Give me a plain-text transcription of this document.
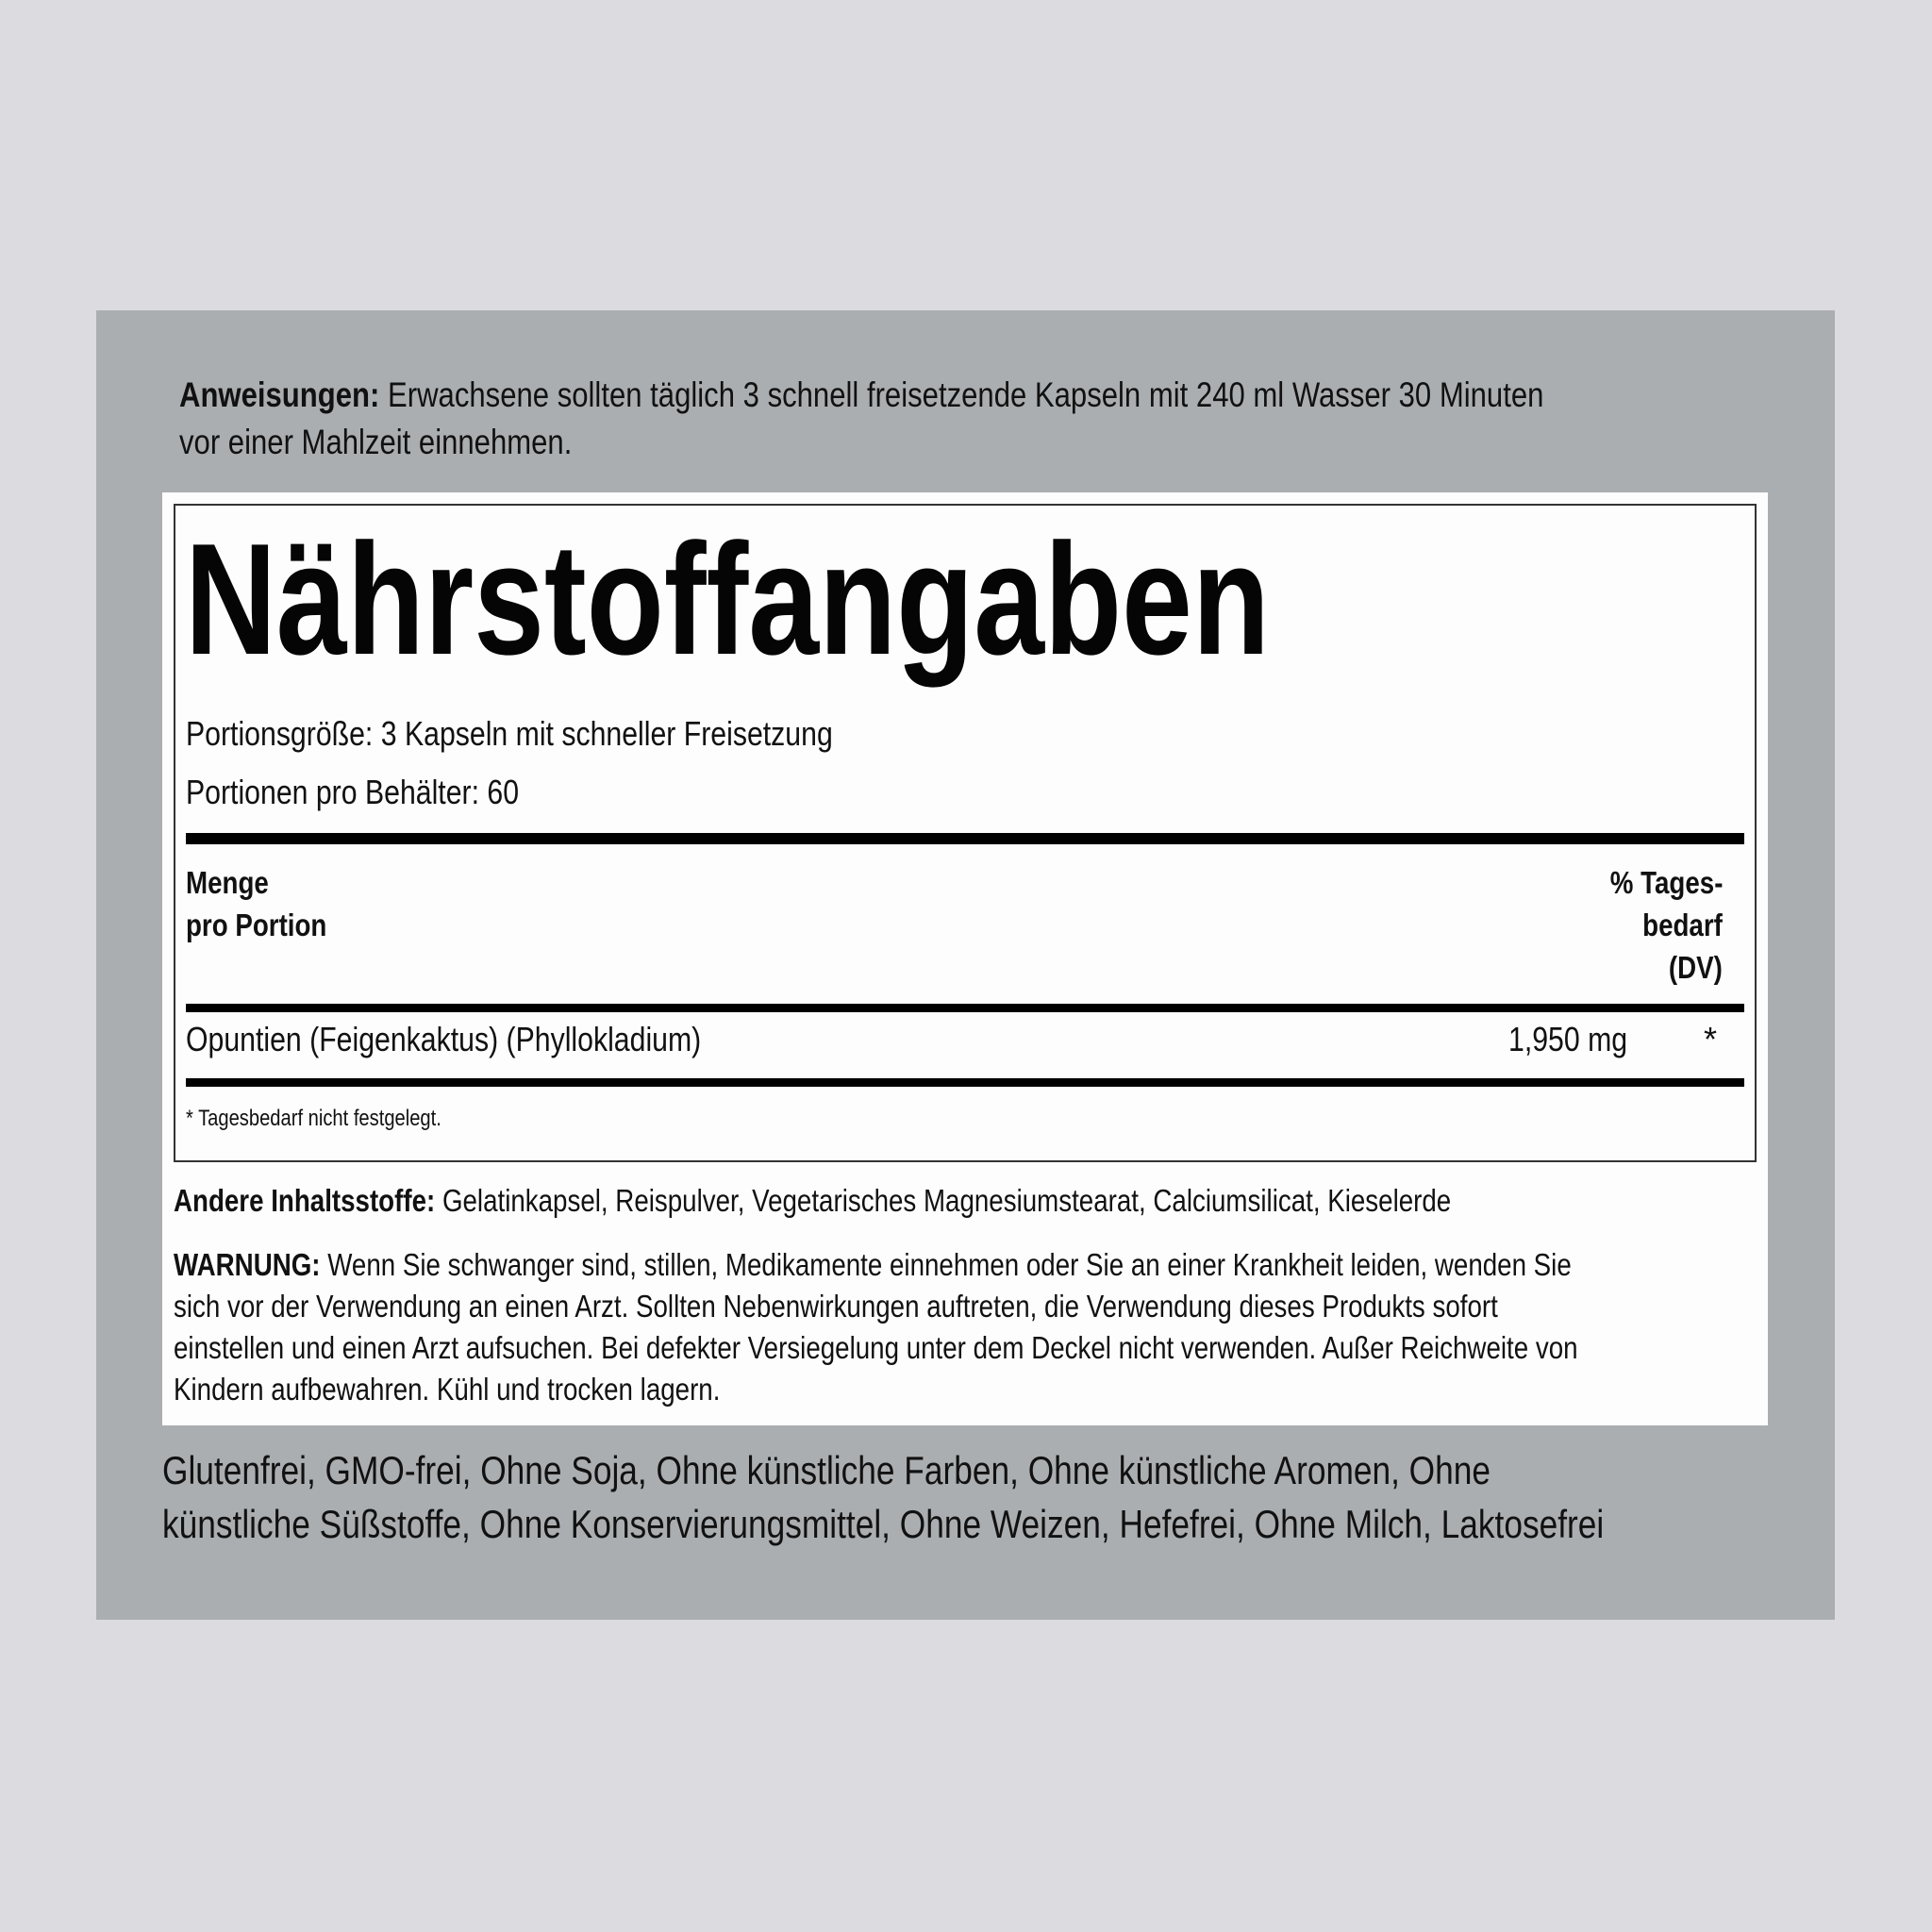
Anweisungen: Erwachsene sollten täglich 3 schnell freisetzende Kapseln mit 240 ml Wasser 30 Minuten
vor einer Mahlzeit einnehmen.
Nährstoffangaben
Portionsgröße: 3 Kapseln mit schneller Freisetzung
Portionen pro Behälter: 60
Menge
pro Portion
% Tages-
bedarf
(DV)
Opuntien (Feigenkaktus) (Phyllokladium)	1,950 mg *
* Tagesbedarf nicht festgelegt.
Andere Inhaltsstoffe: Gelatinkapsel, Reispulver, Vegetarisches Magnesiumstearat, Calciumsilicat, Kieselerde
WARNUNG: Wenn Sie schwanger sind, stillen, Medikamente einnehmen oder Sie an einer Krankheit leiden, wenden Sie
sich vor der Verwendung an einen Arzt. Sollten Nebenwirkungen auftreten, die Verwendung dieses Produkts sofort
einstellen und einen Arzt aufsuchen. Bei defekter Versiegelung unter dem Deckel nicht verwenden. Außer Reichweite von
Kindern aufbewahren. Kühl und trocken lagern.
Glutenfrei, GMO-frei, Ohne Soja, Ohne künstliche Farben, Ohne künstliche Aromen, Ohne
künstliche Süßstoffe, Ohne Konservierungsmittel, Ohne Weizen, Hefefrei, Ohne Milch, Laktosefrei
